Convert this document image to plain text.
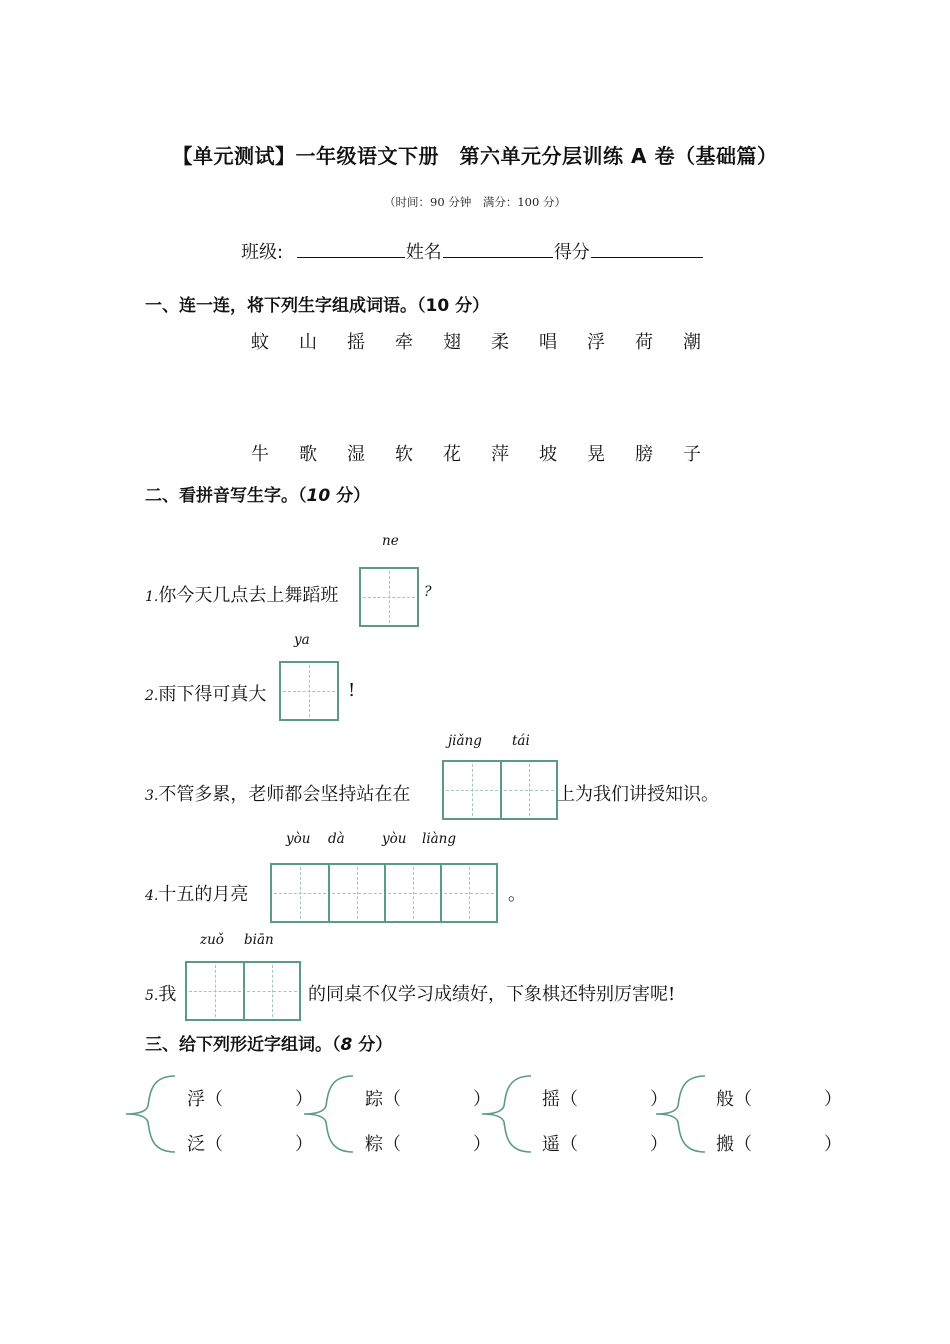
【单元测试】一年级语文下册　第六单元分层训练 A 卷（基础篇）
（时间：90 分钟　满分：100 分）
班级:	姓名	得分
一、连一连，将下列生字组成词语。（10 分）
蚊	山	摇	牵	翅	柔	唱	浮	荷	潮
牛	歌	湿	软	花	萍	坡	晃	膀	子
二、看拼音写生字。（10 分）
ne
1.你今天几点去上舞蹈班	?
ya
2.雨下得可真大	!
jiǎng tái
3.不管多累，老师都会坚持站在在	上为我们讲授知识。
yòu dà	yòu liàng
4.十五的月亮	。
zuǒ biān
5.我	的同桌不仅学习成绩好，下象棋还特别厉害呢!
三、给下列形近字组词。（8 分）
浮（　　　　）
泛（　　　　）
踪（　　　　）
粽（　　　　）
摇（　　　　）
遥（　　　　）
般（　　　　）
搬（　　　　）
